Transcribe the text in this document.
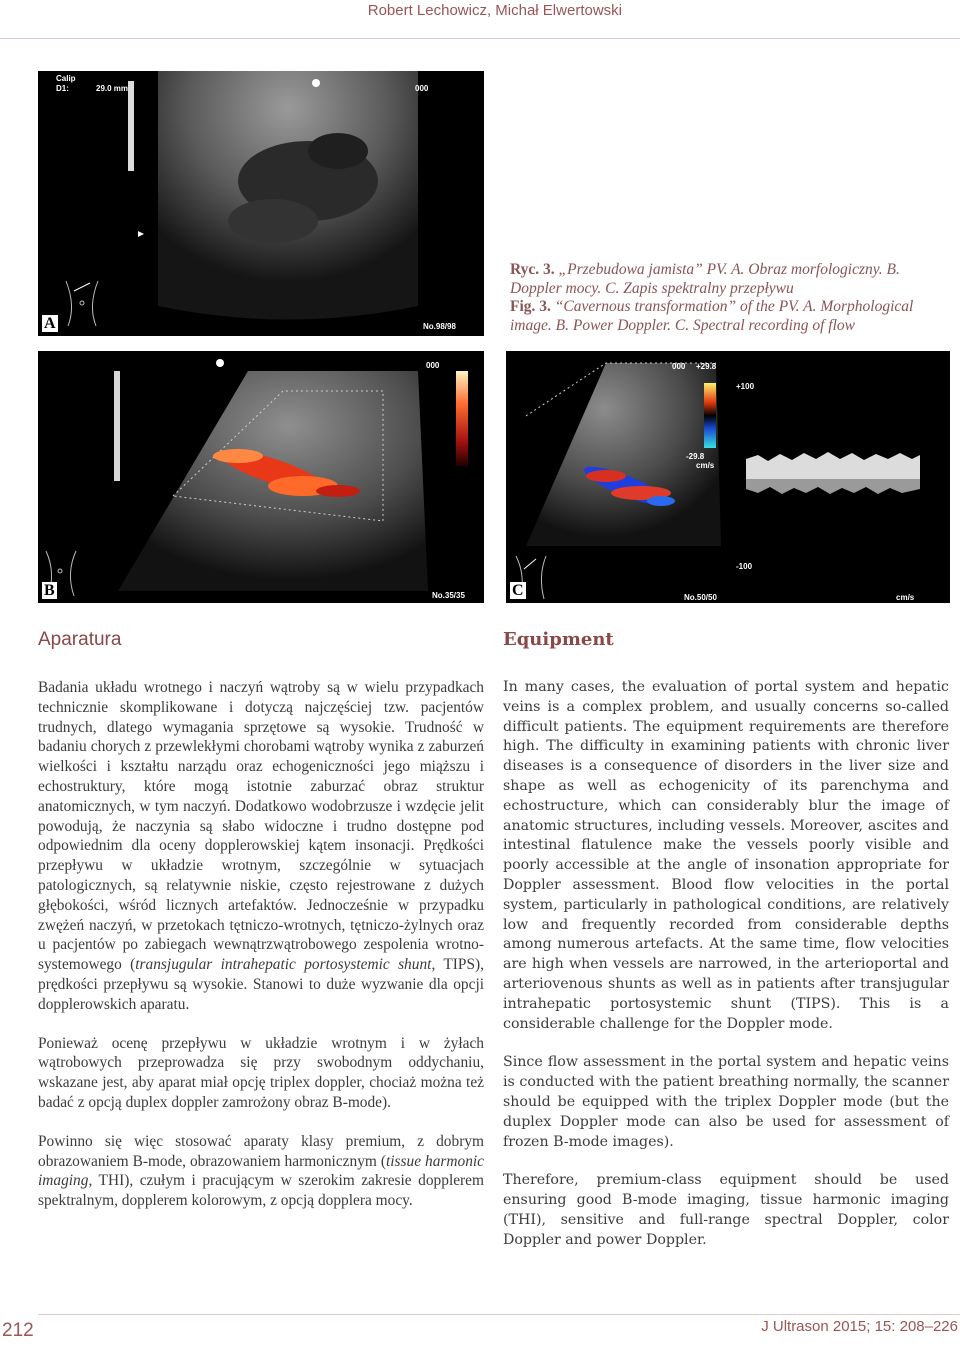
Robert Lechowicz, Michał Elwertowski
Calip
D1:	29.0 mm	000
No.98/98
A
Ryc. 3. „Przebudowa jamista” PV. A. Obraz morfologiczny. B. Doppler mocy. C. Zapis spektralny przepływu
Fig. 3. “Cavernous transformation” of the PV. A. Morphological image. B. Power Doppler. C. Spectral recording of flow
000
No.35/35
B
000 +29.8
-29.8
cm/s
+100
-100
cm/s
No.50/50
C
Aparatura

Badania układu wrotnego i naczyń wątroby są w wielu przypadkach technicznie skomplikowane i dotyczą najczęściej tzw. pacjentów trudnych, dlatego wymagania sprzętowe są wysokie. Trudność w badaniu chorych z przewlekłymi chorobami wątroby wynika z zaburzeń wielkości i kształtu narządu oraz echogeniczności jego miąższu i echostruktury, które mogą istotnie zaburzać obraz struktur anatomicznych, w tym naczyń. Dodatkowo wodobrzusze i wzdęcie jelit powodują, że naczynia są słabo widoczne i trudno dostępne pod odpowiednim dla oceny dopplerowskiej kątem insonacji. Prędkości przepływu w układzie wrotnym, szczególnie w sytuacjach patologicznych, są relatywnie niskie, często rejestrowane z dużych głębokości, wśród licznych artefaktów. Jednocześnie w przypadku zwężeń naczyń, w przetokach tętniczo-wrotnych, tętniczo-żylnych oraz u pacjentów po zabiegach wewnątrzwątrobowego zespolenia wrotno-systemowego (transjugular intrahepatic portosystemic shunt, TIPS), prędkości przepływu są wysokie. Stanowi to duże wyzwanie dla opcji dopplerowskich aparatu.

Ponieważ ocenę przepływu w układzie wrotnym i w żyłach wątrobowych przeprowadza się przy swobodnym oddychaniu, wskazane jest, aby aparat miał opcję triplex doppler, chociaż można też badać z opcją duplex doppler zamrożony obraz B-mode).

Powinno się więc stosować aparaty klasy premium, z dobrym obrazowaniem B-mode, obrazowaniem harmonicznym (tissue harmonic imaging, THI), czułym i pracującym w szerokim zakresie dopplerem spektralnym, dopplerem kolorowym, z opcją dopplera mocy.

Equipment

In many cases, the evaluation of portal system and hepatic veins is a complex problem, and usually concerns so-called difficult patients. The equipment requirements are therefore high. The difficulty in examining patients with chronic liver diseases is a consequence of disorders in the liver size and shape as well as echogenicity of its parenchyma and echostructure, which can considerably blur the image of anatomic structures, including vessels. Moreover, ascites and intestinal flatulence make the vessels poorly visible and poorly accessible at the angle of insonation appropriate for Doppler assessment. Blood flow velocities in the portal system, particularly in pathological conditions, are relatively low and frequently recorded from considerable depths among numerous artefacts. At the same time, flow velocities are high when vessels are narrowed, in the arterioportal and arteriovenous shunts as well as in patients after transjugular intrahepatic portosystemic shunt (TIPS). This is a considerable challenge for the Doppler mode.

Since flow assessment in the portal system and hepatic veins is conducted with the patient breathing normally, the scanner should be equipped with the triplex Doppler mode (but the duplex Doppler mode can also be used for assessment of frozen B-mode images).

Therefore, premium-class equipment should be used ensuring good B-mode imaging, tissue harmonic imaging (THI), sensitive and full-range spectral Doppler, color Doppler and power Doppler.

212	J Ultrason 2015; 15: 208–226
